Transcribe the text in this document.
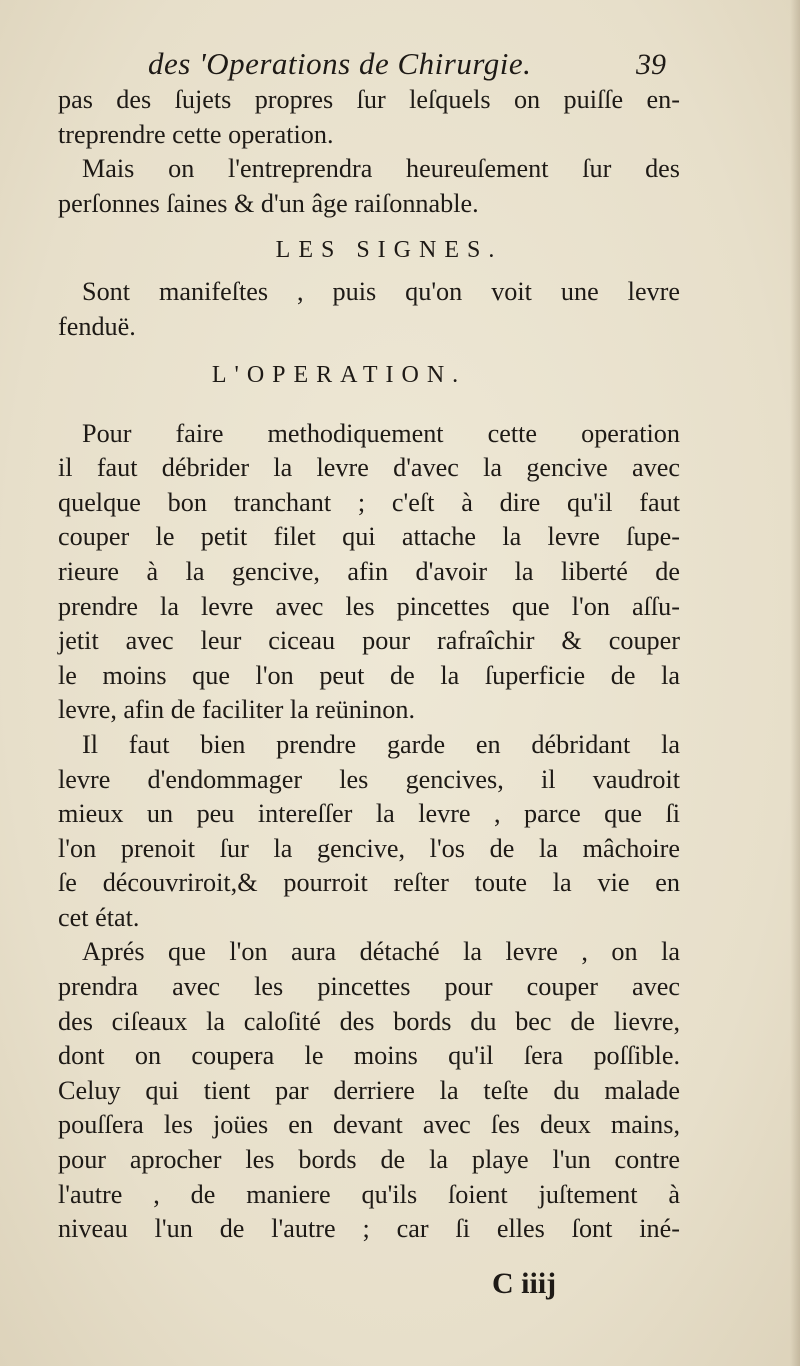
des 'Operations de Chirurgie.	39
pas des ſujets propres ſur leſquels on puiſſe en-
treprendre cette operation.
Mais on l'entreprendra heureuſement ſur des
perſonnes ſaines & d'un âge raiſonnable.
LES SIGNES.
Sont manifeſtes , puis qu'on voit une levre
fenduë.
L'OPERATION.
Pour faire methodiquement cette operation
il faut débrider la levre d'avec la gencive avec
quelque bon tranchant ; c'eſt à dire qu'il faut
couper le petit filet qui attache la levre ſupe-
rieure à la gencive, afin d'avoir la liberté de
prendre la levre avec les pincettes que l'on aſſu-
jetit avec leur ciceau pour rafraîchir & couper
le moins que l'on peut de la ſuperficie de la
levre, afin de faciliter la reüninon.
Il faut bien prendre garde en débridant la
levre d'endommager les gencives, il vaudroit
mieux un peu intereſſer la levre , parce que ſi
l'on prenoit ſur la gencive, l'os de la mâchoire
ſe découvriroit,& pourroit reſter toute la vie en
cet état.
Aprés que l'on aura détaché la levre , on la
prendra avec les pincettes pour couper avec
des ciſeaux la caloſité des bords du bec de lievre,
dont on coupera le moins qu'il ſera poſſible.
Celuy qui tient par derriere la teſte du malade
pouſſera les joües en devant avec ſes deux mains,
pour aprocher les bords de la playe l'un contre
l'autre , de maniere qu'ils ſoient juſtement à
niveau l'un de l'autre ; car ſi elles ſont iné-
C iiij
